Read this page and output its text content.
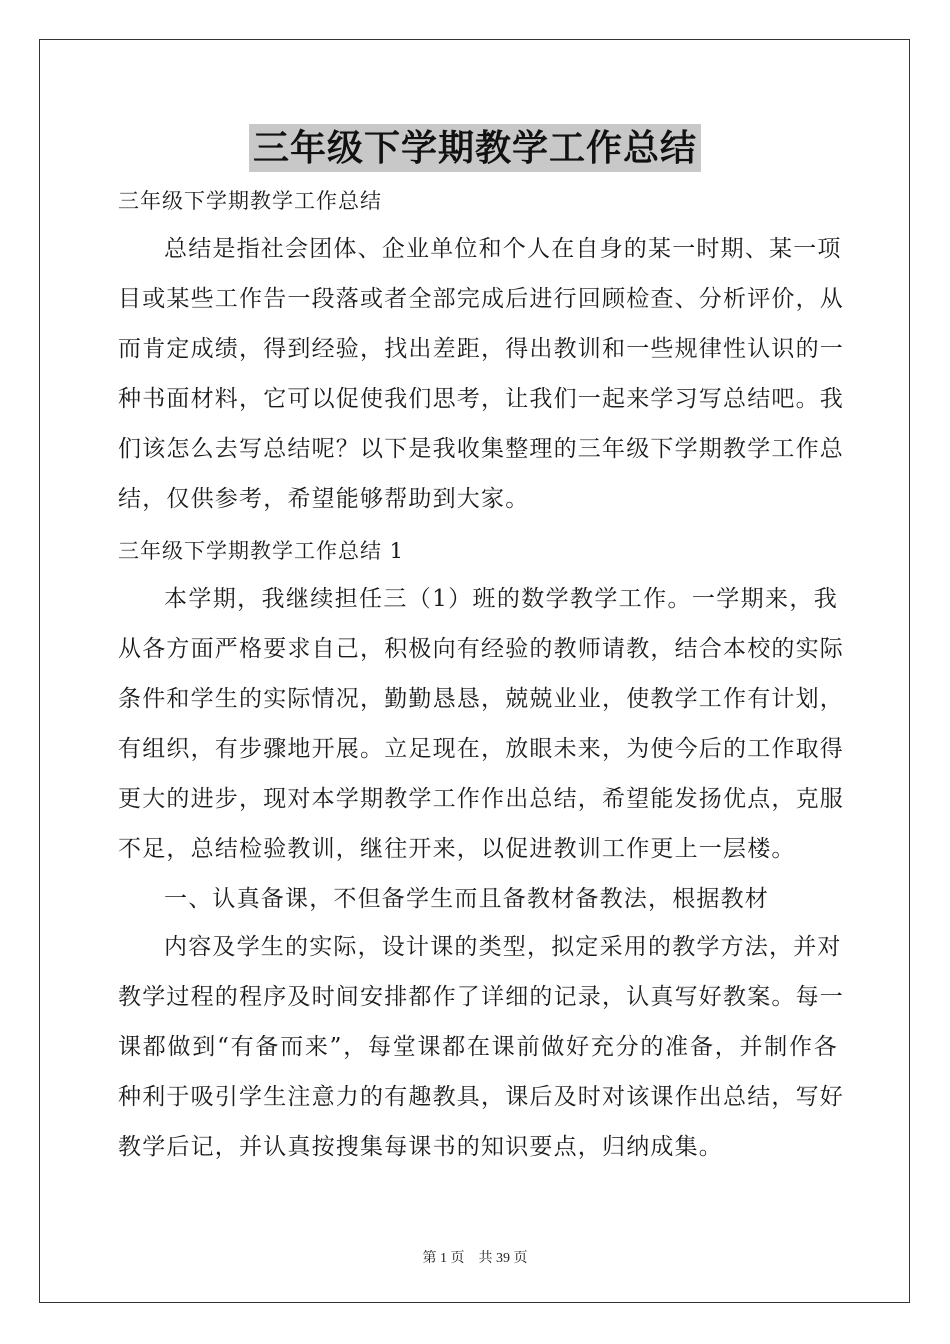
三年级下学期教学工作总结
三年级下学期教学工作总结
总结是指社会团体、企业单位和个人在自身的某一时期、某一项
目或某些工作告一段落或者全部完成后进行回顾检查、分析评价，从
而肯定成绩，得到经验，找出差距，得出教训和一些规律性认识的一
种书面材料，它可以促使我们思考，让我们一起来学习写总结吧。我
们该怎么去写总结呢？以下是我收集整理的三年级下学期教学工作总
结，仅供参考，希望能够帮助到大家。
三年级下学期教学工作总结 1
本学期，我继续担任三（1）班的数学教学工作。一学期来，我
从各方面严格要求自己，积极向有经验的教师请教，结合本校的实际
条件和学生的实际情况，勤勤恳恳，兢兢业业，使教学工作有计划，
有组织，有步骤地开展。立足现在，放眼未来，为使今后的工作取得
更大的进步，现对本学期教学工作作出总结，希望能发扬优点，克服
不足，总结检验教训，继往开来，以促进教训工作更上一层楼。
一、认真备课，不但备学生而且备教材备教法，根据教材
内容及学生的实际，设计课的类型，拟定采用的教学方法，并对
教学过程的程序及时间安排都作了详细的记录，认真写好教案。每一
课都做到“有备而来”，每堂课都在课前做好充分的准备，并制作各
种利于吸引学生注意力的有趣教具，课后及时对该课作出总结，写好
教学后记，并认真按搜集每课书的知识要点，归纳成集。
第 1 页 共 39 页
